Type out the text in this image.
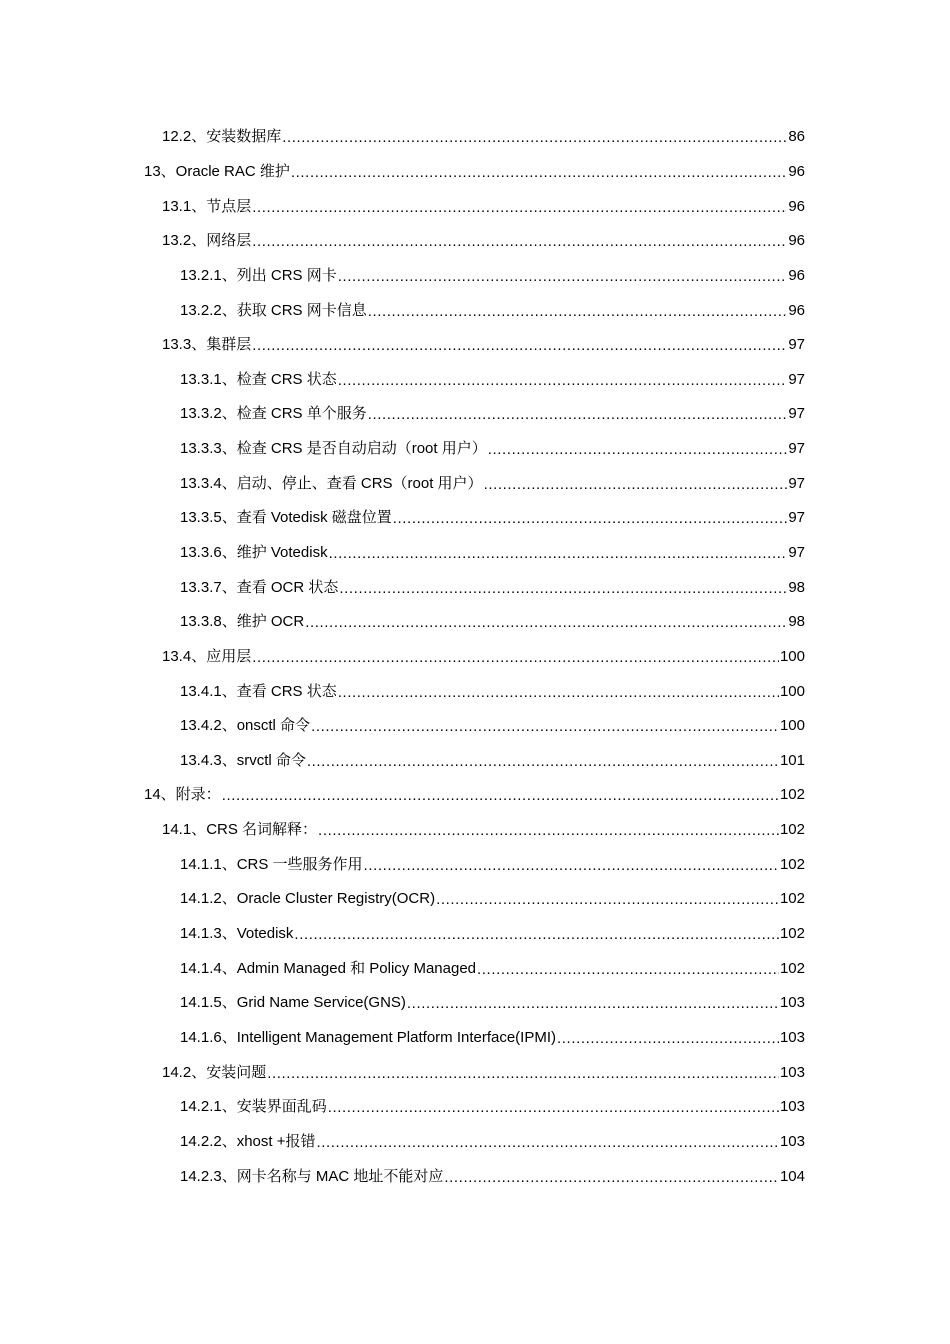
12.2、安装数据库 .....	86
13、Oracle RAC 维护 .....	96
13.1、节点层 .....	96
13.2、网络层 .....	96
13.2.1、列出 CRS 网卡 .....	96
13.2.2、获取 CRS 网卡信息 .....	96
13.3、集群层 .....	97
13.3.1、检查 CRS 状态 .....	97
13.3.2、检查 CRS 单个服务 .....	97
13.3.3、检查 CRS 是否自动启动（root 用户） .....	97
13.3.4、启动、停止、查看 CRS（root 用户） .....	97
13.3.5、查看 Votedisk 磁盘位置 .....	97
13.3.6、维护 Votedisk .....	97
13.3.7、查看 OCR 状态 .....	98
13.3.8、维护 OCR .....	98
13.4、应用层 .....	100
13.4.1、查看 CRS 状态 .....	100
13.4.2、onsctl 命令 .....	100
13.4.3、srvctl 命令 .....	101
14、附录： .....	102
14.1、CRS 名词解释： .....	102
14.1.1、CRS 一些服务作用 .....	102
14.1.2、Oracle Cluster Registry(OCR) .....	102
14.1.3、Votedisk .....	102
14.1.4、Admin Managed 和 Policy Managed .....	102
14.1.5、Grid Name Service(GNS) .....	103
14.1.6、Intelligent Management Platform Interface(IPMI) .....	103
14.2、安装问题 .....	103
14.2.1、安装界面乱码 .....	103
14.2.2、xhost +报错 .....	103
14.2.3、网卡名称与 MAC 地址不能对应 .....	104
